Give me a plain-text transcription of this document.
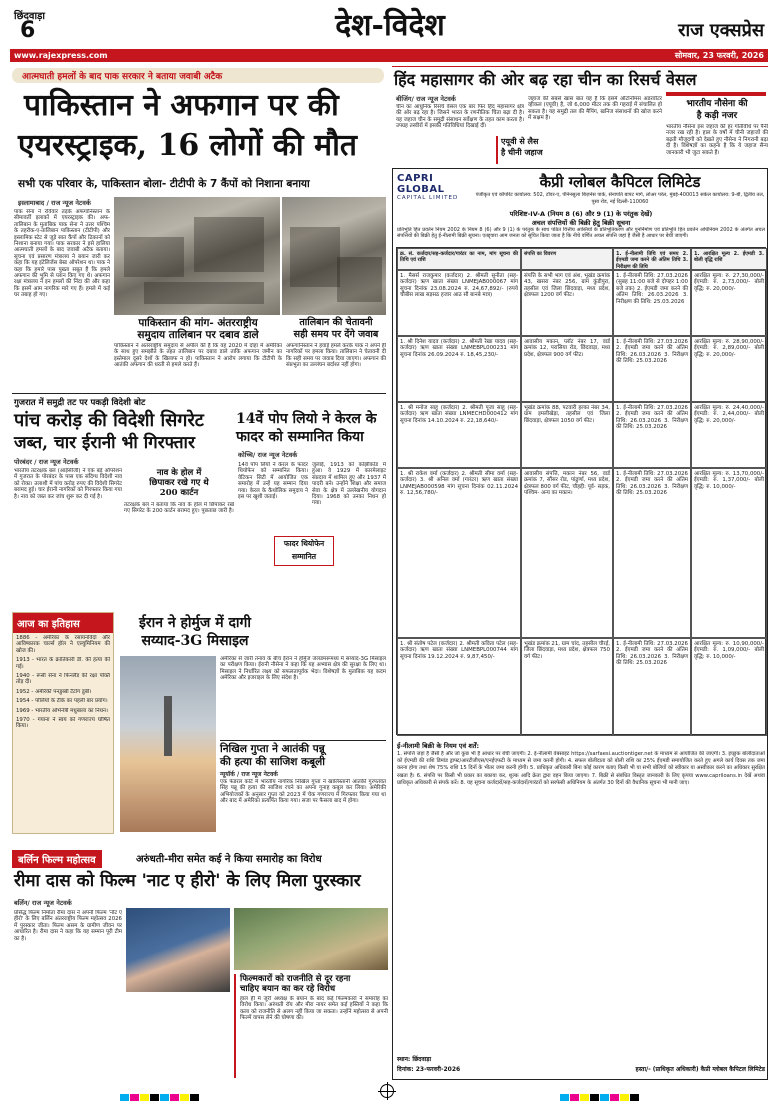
छिंदवाड़ा
6	देश-विदेश	राज एक्सप्रेस
www.rajexpress.com	सोमवार, 23 फरवरी, 2026
आत्मघाती हमलों के बाद पाक सरकार ने बताया जवाबी अटैक
पाकिस्तान ने अफगान पर की
एयरस्ट्राइक, 16 लोगों की मौत
सभी एक परिवार के, पाकिस्तान बोला- टीटीपी के 7 कैंपों को निशाना बनाया
इस्लामाबाद / राज न्यूज नेटवर्क
पाक सेना ने रविवार तड़के अफगानिस्तान के सीमावर्ती इलाकों में एयरस्ट्राइक की। अफ-तालिबान के मुताबिक पाक सेना ने उत्तर पश्चिम के तहरीक-ए-तालिबान पाकिस्तान (टीटीपी) और इस्लामिक स्टेट से जुड़े सात कैंपों और ठिकानों को निशाना बनाया गया। पाक सरकार ने इसे हालिया आत्मघाती हमलों के बाद जवाबी अटैक बताया। सूचना एवं प्रसारण मंत्रालय ने बयान जारी कर कहा कि यह इंटेलिजेंस बेस्ड ऑपरेशन था। पाक ने कहा कि हमारे पास पुख्ता सबूत हैं कि हमले अफगान की भूमि से प्लान किए गए थे। अफगान रक्षा मंत्रालय ने इन हमलों की निंदा की और कहा कि इसमें आम नागरिक मारे गए हैं। हमले में कई घर तबाह हो गए।
पाकिस्तान की मांग- अंतरराष्ट्रीय
समुदाय तालिबान पर दबाव डाले
पाकिस्तान ने अंतरराष्ट्रीय समुदाय से अपील की है कि वह 2020 में दोहा में अमेरिका के साथ हुए समझौते के तहत तालिबान पर दबाव डाले ताकि अफगान जमीन का इस्तेमाल दूसरे देशों के खिलाफ न हो। पाकिस्तान ने आरोप लगाया कि टीटीपी के आतंकी अफगान की धरती से हमले करते हैं।
तालिबान की चेतावनी
सही समय पर देंगे जवाब
अफगानिस्तान ने हवाई हमले करके पाक ने अपने ही नागरिकों पर हमला किया। तालिबान ने चेतावनी दी कि सही समय पर जवाब दिया जाएगा। अफगान की संप्रभुता का उल्लंघन बर्दाश्त नहीं होगा।
हिंद महासागर की ओर बढ़ रहा चीन का रिसर्च वेसल
बीजिंग/ राज न्यूज नेटवर्क
चीन का आधुनिक रिसर्च वेसल एक बार फिर हिंद महासागर क्षेत्र की ओर बढ़ रहा है। जिसने भारत के रणनीतिक चिंता बढ़ा दी है। यह जहाज चीन के समुद्री संसाधन सर्वेक्षण के तहत काम करता है। उपग्रह तस्वीरों में इसकी गतिविधियां दिखाई दीं।
एयूवी से लैस
है चीनी जहाज
जहाज की सबसे खास बात यह है कि इसमें ऑटोनॉमस अंडरवॉटर व्हीकल (एयूवी) है, जो 6,000 मीटर तक की गहराई में संचालित हो सकता है। यह समुद्री तल की मैपिंग, खनिज संसाधनों की खोज करने में सक्षम है।
भारतीय नौसेना की
है कड़ी नजर
भारतीय नौसेना इस जहाज की हर गतिविधि पर पैनी नजर रख रही है। हाल के वर्षों में चीनी जहाजों की बढ़ती मौजूदगी को देखते हुए नौसेना ने निगरानी बढ़ा दी है। विशेषज्ञों का कहना है कि ये जहाज सैन्य जानकारी भी जुटा सकते हैं।
CAPRI GLOBAL
CAPITAL LIMITED
कैप्री ग्लोबल कैपिटल लिमिटेड
पंजीकृत एवं कॉर्पोरेट कार्यालय: 502, टॉवर-ए, पेनिनसुला बिज़नेस पार्क, सेनापति बापट मार्ग, लोअर परेल, मुंबई-400013 सर्कल कार्यालय: 9-बी, द्वितीय तल, पूसा रोड, नई दिल्ली-110060
परिशिष्ट-IV-A (नियम 8 (6) और 9 (1) के परंतुक देखें)
अचल संपत्तियों की बिक्री हेतु बिक्री सूचना
प्रतिभूति हित प्रवर्तन नियम 2002 के नियम 8 (6) और 9 (1) के परंतुक के साथ पठित वित्तीय आस्तियों के प्रतिभूतिकरण और पुनर्निर्माण एवं प्रतिभूति हित प्रवर्तन अधिनियम 2002 के अंतर्गत अचल संपत्तियों की बिक्री हेतु ई-नीलामी बिक्री सूचना। एतद्द्वारा आम जनता को सूचित किया जाता है कि नीचे वर्णित अचल संपत्ति जहां है जैसी है आधार पर बेची जाएगी।
क्र. सं. कर्जदार/सह-कर्जदार/गारंटर का नाम, मांग सूचना की तिथि एवं राशि
संपत्ति का विवरण	1. ई-नीलामी तिथि एवं समय 2. ईएमडी जमा करने की अंतिम तिथि 3. निरीक्षण की तिथि
1. आरक्षित मूल्य 2. ईएमडी 3. बोली वृद्धि राशि
1. मैसर्स राजकुमार (कर्जदार) 2. श्रीमती सुनीता (सह-कर्जदार) ऋण खाता संख्या LNMEJAB000067 मांग सूचना दिनांक 23.08.2024 रु. 24,67,892/- (रुपये चौबीस लाख सड़सठ हजार आठ सौ बानबे मात्र)
संपत्ति के सभी भाग एवं अंश, भूखंड क्रमांक 43, खसरा नंबर 256, ग्राम कुंडीपुरा, तहसील एवं जिला छिंदवाड़ा, मध्य प्रदेश, क्षेत्रफल 1200 वर्ग फीट।
1. ई-नीलामी तिथि: 27.03.2026 (सुबह 11:00 बजे से दोपहर 1:00 बजे तक) 2. ईएमडी जमा करने की अंतिम तिथि: 26.03.2026 3. निरीक्षण की तिथि: 25.03.2026
आरक्षित मूल्य: रु. 27,30,000/- ईएमडी: रु. 2,73,000/- बोली वृद्धि: रु. 20,000/-
1. श्री दिनेश यादव (कर्जदार) 2. श्रीमती रेखा यादव (सह-कर्जदार) ऋण खाता संख्या LNMEBPL000231 मांग सूचना दिनांक 26.09.2024 रु. 18,45,230/-
आवासीय मकान, प्लॉट नंबर 17, वार्ड क्रमांक 12, परासिया रोड, छिंदवाड़ा, मध्य प्रदेश, क्षेत्रफल 900 वर्ग फीट।
1. ई-नीलामी तिथि: 27.03.2026 2. ईएमडी जमा करने की अंतिम तिथि: 26.03.2026 3. निरीक्षण की तिथि: 25.03.2026
आरक्षित मूल्य: रु. 28,90,000/- ईएमडी: रु. 2,89,000/- बोली वृद्धि: रु. 20,000/-
1. श्री मनोज साहू (कर्जदार) 2. श्रीमती पूजा साहू (सह-कर्जदार) ऋण खाता संख्या LNMECHD000412 मांग सूचना दिनांक 14.10.2024 रु. 22,18,640/-
भूखंड क्रमांक 88, पटवारी हल्का नंबर 34, ग्राम इमलीखेड़ा, तहसील एवं जिला छिंदवाड़ा, क्षेत्रफल 1050 वर्ग फीट।
1. ई-नीलामी तिथि: 27.03.2026 2. ईएमडी जमा करने की अंतिम तिथि: 26.03.2026 3. निरीक्षण की तिथि: 25.03.2026
आरक्षित मूल्य: रु. 24,40,000/- ईएमडी: रु. 2,44,000/- बोली वृद्धि: रु. 20,000/-
1. श्री राकेश वर्मा (कर्जदार) 2. श्रीमती सीमा वर्मा (सह-कर्जदार) 3. श्री अनिल वर्मा (गारंटर) ऋण खाता संख्या LNMEJAB000598 मांग सूचना दिनांक 02.11.2024 रु. 12,56,780/-
आवासीय संपत्ति, मकान नंबर 56, वार्ड क्रमांक 7, सौंसर रोड, पांढुर्णा, मध्य प्रदेश, क्षेत्रफल 800 वर्ग फीट, चौहद्दी: पूर्व- सड़क, पश्चिम- अन्य का मकान।
1. ई-नीलामी तिथि: 27.03.2026 2. ईएमडी जमा करने की अंतिम तिथि: 26.03.2026 3. निरीक्षण की तिथि: 25.03.2026
आरक्षित मूल्य: रु. 13,70,000/- ईएमडी: रु. 1,37,000/- बोली वृद्धि: रु. 10,000/-
1. श्री संतोष पटेल (कर्जदार) 2. श्रीमती कविता पटेल (सह-कर्जदार) ऋण खाता संख्या LNMEBPL000744 मांग सूचना दिनांक 19.12.2024 रु. 9,87,450/-
भूखंड क्रमांक 21, ग्राम चांद, तहसील चौरई, जिला छिंदवाड़ा, मध्य प्रदेश, क्षेत्रफल 750 वर्ग फीट।
1. ई-नीलामी तिथि: 27.03.2026 2. ईएमडी जमा करने की अंतिम तिथि: 26.03.2026 3. निरीक्षण की तिथि: 25.03.2026
आरक्षित मूल्य: रु. 10,90,000/- ईएमडी: रु. 1,09,000/- बोली वृद्धि: रु. 10,000/-
ई-नीलामी बिक्री के नियम एवं शर्तें:
1. संपत्ति जहां है जैसी है और जो कुछ भी है आधार पर बेची जाएगी। 2. ई-नीलामी वेबसाइट https://sarfaesi.auctiontiger.net के माध्यम से आयोजित की जाएगी। 3. इच्छुक बोलीदाताओं को ईएमडी की राशि डिमांड ड्राफ्ट/आरटीजीएस/एनईएफटी के माध्यम से जमा करनी होगी। 4. सफल बोलीदाता को बोली राशि का 25% ईएमडी समायोजित करते हुए अगले कार्य दिवस तक जमा करना होगा तथा शेष 75% राशि 15 दिनों के भीतर जमा करनी होगी। 5. प्राधिकृत अधिकारी बिना कोई कारण बताए किसी भी या सभी बोलियों को स्वीकार या अस्वीकार करने का अधिकार सुरक्षित रखता है। 6. संपत्ति पर किसी भी प्रकार का बकाया कर, शुल्क आदि क्रेता द्वारा वहन किया जाएगा। 7. बिक्री से संबंधित विस्तृत जानकारी के लिए कृपया www.capriloans.in देखें अथवा प्राधिकृत अधिकारी से संपर्क करें। 8. यह सूचना कर्जदारों/सह-कर्जदारों/गारंटरों को सरफेसी अधिनियम के अंतर्गत 30 दिनों की वैधानिक सूचना भी मानी जाए।
स्थान: छिंदवाड़ा
दिनांक: 23-फरवरी-2026	हस्ता/- (प्राधिकृत अधिकारी) कैप्री ग्लोबल कैपिटल लिमिटेड
गुजरात में समुद्री तट पर पकड़ी विदेशी बोट
पांच करोड़ की विदेशी सिगरेट
जब्त, चार ईरानी भी गिरफ्तार
पोरबंदर / राज न्यूज नेटवर्क
भारतीय तटरक्षक बल (आईसीजी) ने एक बड़े ऑपरेशन में गुजरात के पोरबंदर के पास एक संदिग्ध विदेशी नाव को रोका। तलाशी में पांच करोड़ रुपए की विदेशी सिगरेट बरामद हुई। चार ईरानी नागरिकों को गिरफ्तार किया गया है। नाव को जब्त कर जांच शुरू कर दी गई है।
नाव के होल में
छिपाकर रखे गए थे
200 कार्टन
तटरक्षक बल ने बताया कि नाव के होल में छिपाकर रखे गए सिगरेट के 200 कार्टन बरामद हुए। पूछताछ जारी है।
14वें पोप लियो ने केरल के
फादर को सम्मानित किया
कोच्चि/ राज न्यूज नेटवर्क
14वें पोप लियो ने केरल के फादर थियोफेन को सम्मानित किया। वेटिकन सिटी में आयोजित एक समारोह में उन्हें यह सम्मान दिया गया। केरल के कैथोलिक समुदाय ने इस पर खुशी जताई।
फादर थियोफेन
सम्मानित
जुलाई, 1913 को कोझीकोड में हुआ। वे 1929 में कारमेलाइट संप्रदाय में शामिल हुए और 1937 में पादरी बने। उन्होंने शिक्षा और समाज सेवा के क्षेत्र में उल्लेखनीय योगदान दिया। 1968 को उनका निधन हो गया।
आज का इतिहास
1886 - अमेरिका के रसायनविदों और आविष्कारक चार्ल्स हॉल ने एल्युमिनियम की खोज की।
1913 - भारत के क्रांतिकारी डी. की हत्या की गई।
1940 - रूसी सेना ने फिनलैंड की रक्षा पंक्ति तोड़ दी।
1952 - अमेरिकी पनडुब्बी टैटोग डूबी।
1954 - पोलियो के टीके का पहली बार प्रयोग।
1969 - भारतीय अभिनेत्री मधुबाला का निधन।
1970 - गयाना ने स्वयं को गणराज्य घोषित किया।
ईरान ने होर्मुज में दागी
सय्याद-3G मिसाइल
अमेरिका से जारी तनाव के बीच ईरान ने होर्मुज जलडमरूमध्य में सय्याद-3G मिसाइल का परीक्षण किया। ईरानी नौसेना ने कहा कि यह अभ्यास क्षेत्र की सुरक्षा के लिए था। मिसाइल ने निर्धारित लक्ष्य को सफलतापूर्वक भेदा। विशेषज्ञों के मुताबिक यह कदम अमेरिका और इजराइल के लिए संदेश है।
बर्लिन फिल्म महोत्सव	अरुंधती-मीरा समेत कई ने किया समारोह का विरोध
रीमा दास को फिल्म 'नाट ए हीरो' के लिए मिला पुरस्कार
बर्लिन/ राज न्यूज नेटवर्क
प्रसिद्ध फिल्म निर्माता रीमा दास ने अपनी फिल्म 'नॉट ए हीरो' के लिए बर्लिन अंतरराष्ट्रीय फिल्म महोत्सव 2026 में पुरस्कार जीता। फिल्म असम के ग्रामीण जीवन पर आधारित है। रीमा दास ने कहा कि यह सम्मान पूरी टीम का है।
फिल्मकारों को राजनीति से दूर रहना
चाहिए बयान का कर रहे विरोध
हाल ही में जूरी अध्यक्ष के बयान के बाद कई फिल्मकारों ने समारोह का विरोध किया। अरुंधती रॉय और मीरा नायर समेत कई हस्तियों ने कहा कि कला को राजनीति से अलग नहीं किया जा सकता। उन्होंने महोत्सव से अपनी फिल्में वापस लेने की घोषणा की।
निखिल गुप्ता ने आतंकी पन्नू
की हत्या की साजिश कबूली
न्यूयॉर्क / राज न्यूज नेटवर्क
एक फेडरल कोर्ट में भारतीय नागरिक निखिल गुप्ता ने खालिस्तानी आतंकी गुरपतवंत सिंह पन्नू की हत्या की साजिश रचने का अपना गुनाह कबूल कर लिया। अमेरिकी अभियोजकों के अनुसार गुप्ता को 2023 में चेक गणराज्य में गिरफ्तार किया गया था और बाद में अमेरिका प्रत्यर्पित किया गया। सजा पर फैसला बाद में होगा।
